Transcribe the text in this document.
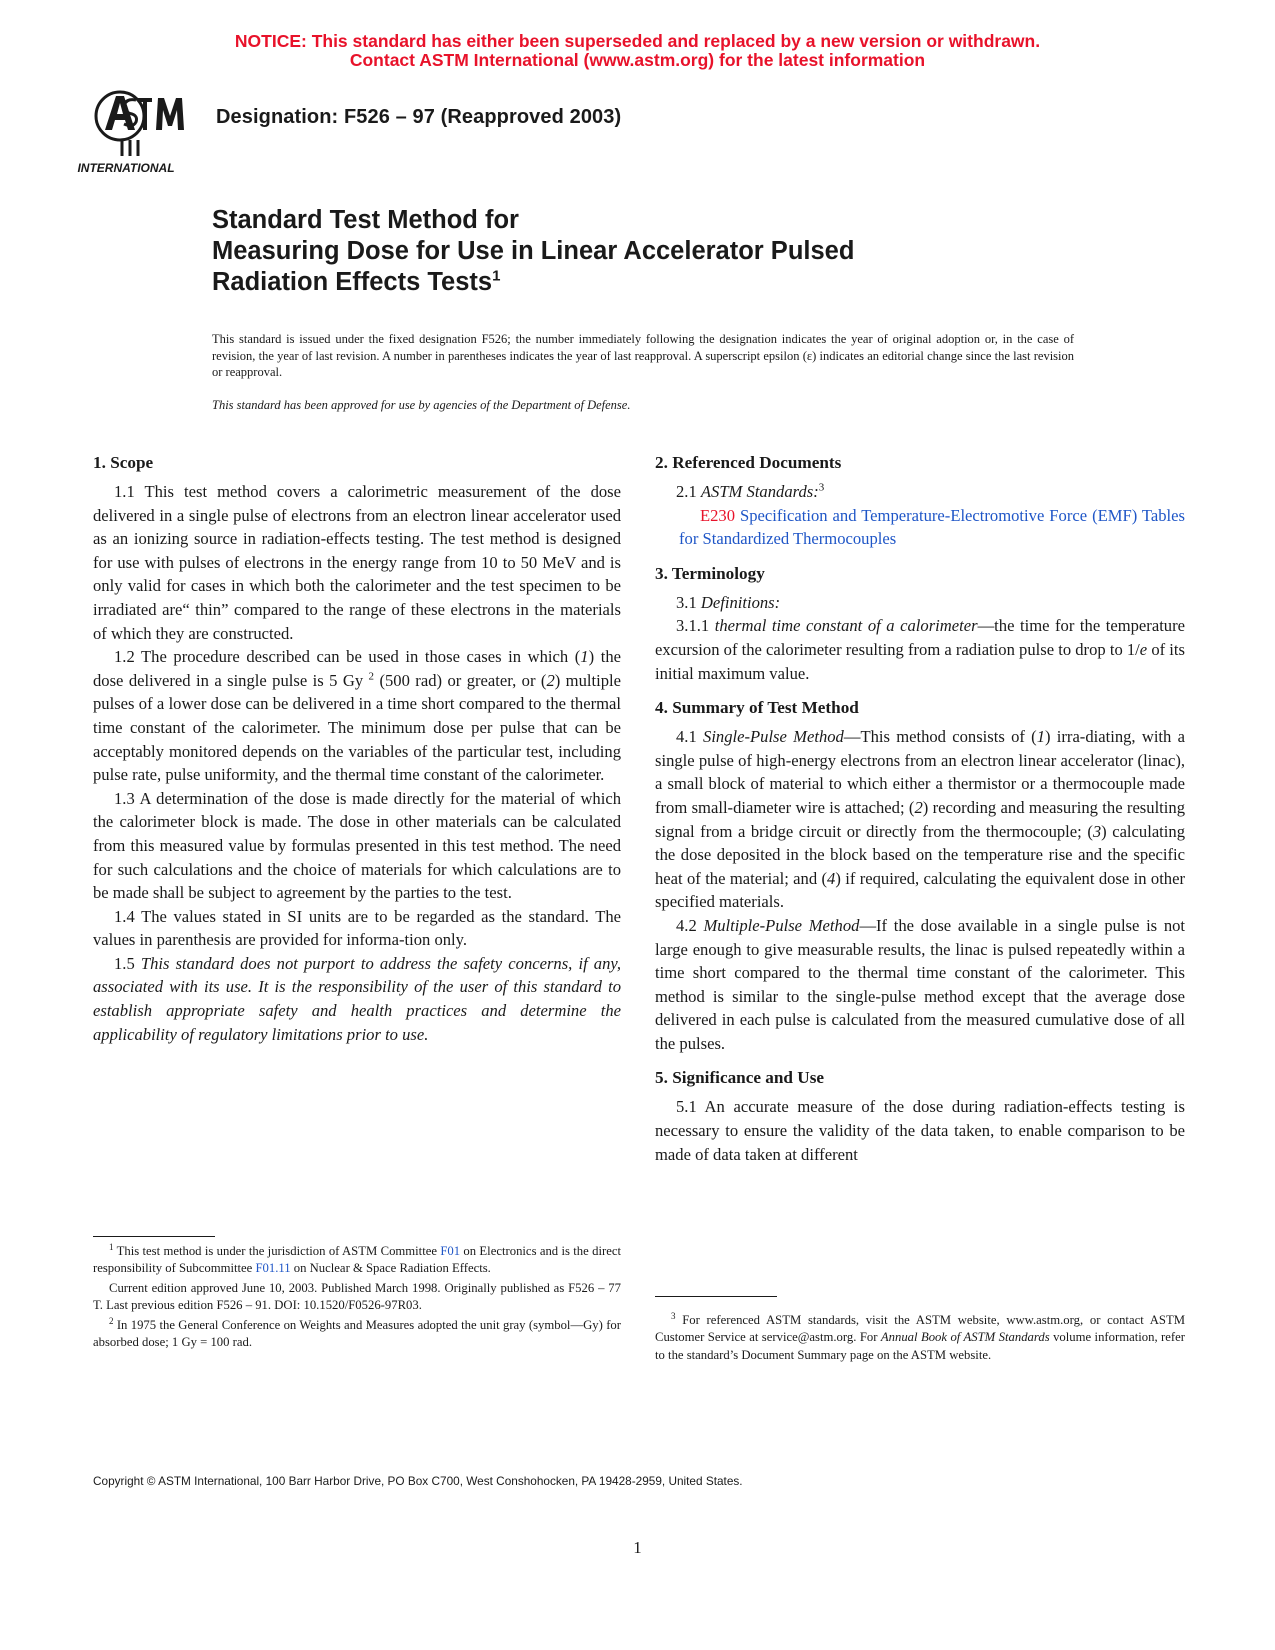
NOTICE: This standard has either been superseded and replaced by a new version or withdrawn.
Contact ASTM International (www.astm.org) for the latest information
INTERNATIONAL
Designation: F526 – 97 (Reapproved 2003)
Standard Test Method for
Measuring Dose for Use in Linear Accelerator Pulsed
Radiation Effects Tests$^1$
This standard is issued under the fixed designation F526; the number immediately following the designation indicates the year of original adoption or, in the case of revision, the year of last revision. A number in parentheses indicates the year of last reapproval. A superscript epsilon (ε) indicates an editorial change since the last revision or reapproval.
This standard has been approved for use by agencies of the Department of Defense.
1. Scope

1.1 This test method covers a calorimetric measurement of the dose delivered in a single pulse of electrons from an electron linear accelerator used as an ionizing source in radiation-effects testing. The test method is designed for use with pulses of electrons in the energy range from 10 to 50 MeV and is only valid for cases in which both the calorimeter and the test specimen to be irradiated are“ thin” compared to the range of these electrons in the materials of which they are constructed.

1.2 The procedure described can be used in those cases in which (1) the dose delivered in a single pulse is 5 Gy $^2$ (500 rad) or greater, or (2) multiple pulses of a lower dose can be delivered in a time short compared to the thermal time constant of the calorimeter. The minimum dose per pulse that can be acceptably monitored depends on the variables of the particular test, including pulse rate, pulse uniformity, and the thermal time constant of the calorimeter.

1.3 A determination of the dose is made directly for the material of which the calorimeter block is made. The dose in other materials can be calculated from this measured value by formulas presented in this test method. The need for such calculations and the choice of materials for which calculations are to be made shall be subject to agreement by the parties to the test.

1.4 The values stated in SI units are to be regarded as the standard. The values in parenthesis are provided for informa-tion only.

1.5 This standard does not purport to address the safety concerns, if any, associated with its use. It is the responsibility of the user of this standard to establish appropriate safety and health practices and determine the applicability of regulatory limitations prior to use.

2. Referenced Documents

2.1 ASTM Standards:$^3$

E230 Specification and Temperature-Electromotive Force (EMF) Tables for Standardized Thermocouples

3. Terminology

3.1 Definitions:

3.1.1 thermal time constant of a calorimeter—the time for the temperature excursion of the calorimeter resulting from a radiation pulse to drop to 1/e of its initial maximum value.

4. Summary of Test Method

4.1 Single-Pulse Method—This method consists of (1) irra-diating, with a single pulse of high-energy electrons from an electron linear accelerator (linac), a small block of material to which either a thermistor or a thermocouple made from small-diameter wire is attached; (2) recording and measuring the resulting signal from a bridge circuit or directly from the thermocouple; (3) calculating the dose deposited in the block based on the temperature rise and the specific heat of the material; and (4) if required, calculating the equivalent dose in other specified materials.

4.2 Multiple-Pulse Method—If the dose available in a single pulse is not large enough to give measurable results, the linac is pulsed repeatedly within a time short compared to the thermal time constant of the calorimeter. This method is similar to the single-pulse method except that the average dose delivered in each pulse is calculated from the measured cumulative dose of all the pulses.

5. Significance and Use

5.1 An accurate measure of the dose during radiation-effects testing is necessary to ensure the validity of the data taken, to enable comparison to be made of data taken at different

$^1$ This test method is under the jurisdiction of ASTM Committee F01 on Electronics and is the direct responsibility of Subcommittee F01.11 on Nuclear & Space Radiation Effects.

Current edition approved June 10, 2003. Published March 1998. Originally published as F526 – 77 T. Last previous edition F526 – 91. DOI: 10.1520/F0526-97R03.

$^2$ In 1975 the General Conference on Weights and Measures adopted the unit gray (symbol—Gy) for absorbed dose; 1 Gy = 100 rad.

$^3$ For referenced ASTM standards, visit the ASTM website, www.astm.org, or contact ASTM Customer Service at service@astm.org. For Annual Book of ASTM Standards volume information, refer to the standard’s Document Summary page on the ASTM website.

Copyright © ASTM International, 100 Barr Harbor Drive, PO Box C700, West Conshohocken, PA 19428-2959, United States.
1
